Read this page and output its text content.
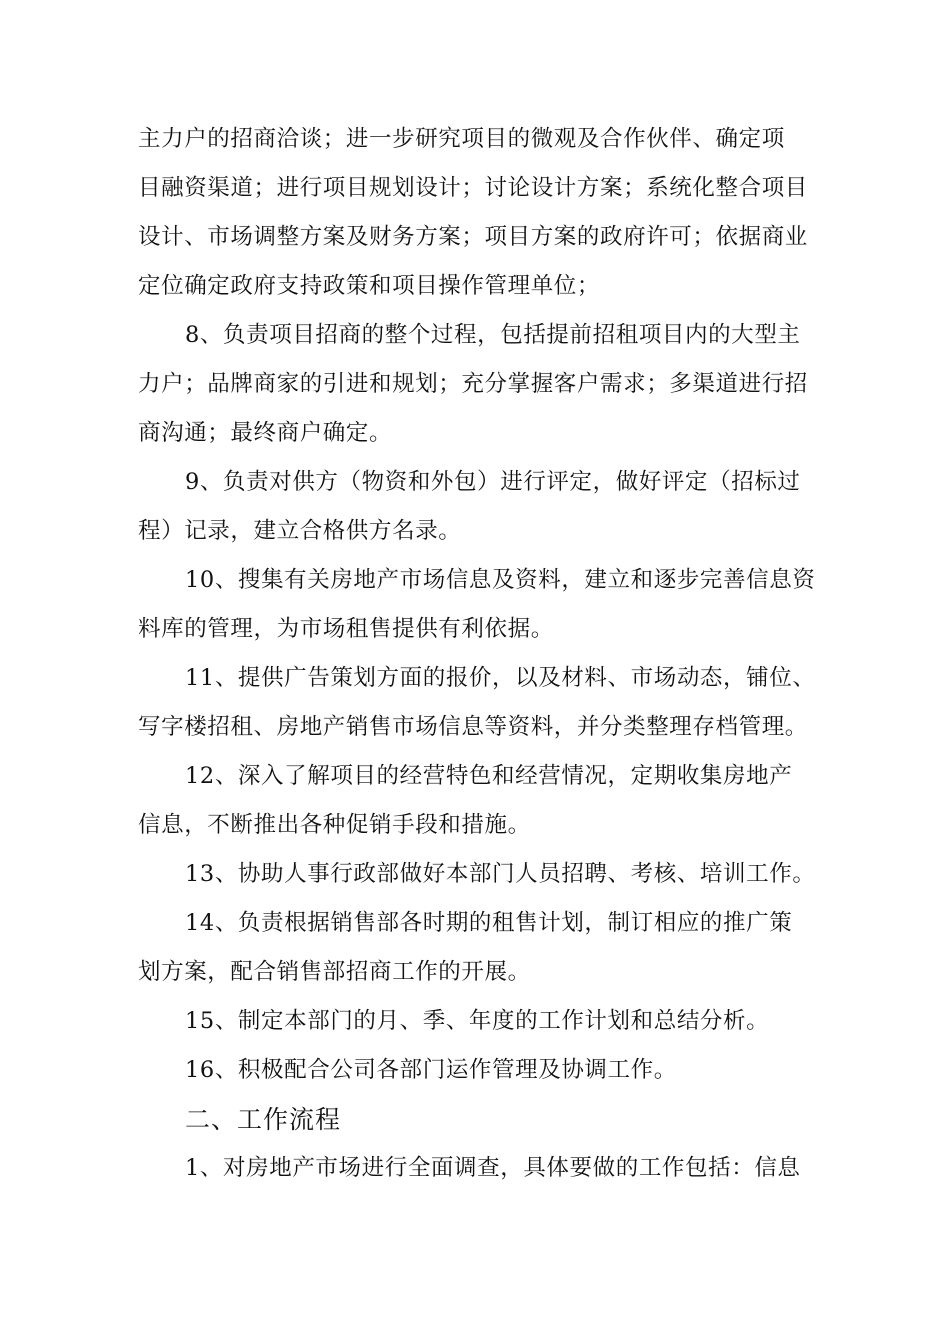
主力户的招商洽谈；进一步研究项目的微观及合作伙伴、确定项
目融资渠道；进行项目规划设计；讨论设计方案；系统化整合项目
设计、市场调整方案及财务方案；项目方案的政府许可；依据商业
定位确定政府支持政策和项目操作管理单位；
8、负责项目招商的整个过程，包括提前招租项目内的大型主
力户；品牌商家的引进和规划；充分掌握客户需求；多渠道进行招
商沟通；最终商户确定。
9、负责对供方（物资和外包）进行评定，做好评定（招标过
程）记录，建立合格供方名录。
10、搜集有关房地产市场信息及资料，建立和逐步完善信息资
料库的管理，为市场租售提供有利依据。
11、提供广告策划方面的报价，以及材料、市场动态，铺位、
写字楼招租、房地产销售市场信息等资料，并分类整理存档管理。
12、深入了解项目的经营特色和经营情况，定期收集房地产
信息，不断推出各种促销手段和措施。
13、协助人事行政部做好本部门人员招聘、考核、培训工作。
14、负责根据销售部各时期的租售计划，制订相应的推广策
划方案，配合销售部招商工作的开展。
15、制定本部门的月、季、年度的工作计划和总结分析。
16、积极配合公司各部门运作管理及协调工作。
二、工作流程
1、对房地产市场进行全面调查，具体要做的工作包括：信息
